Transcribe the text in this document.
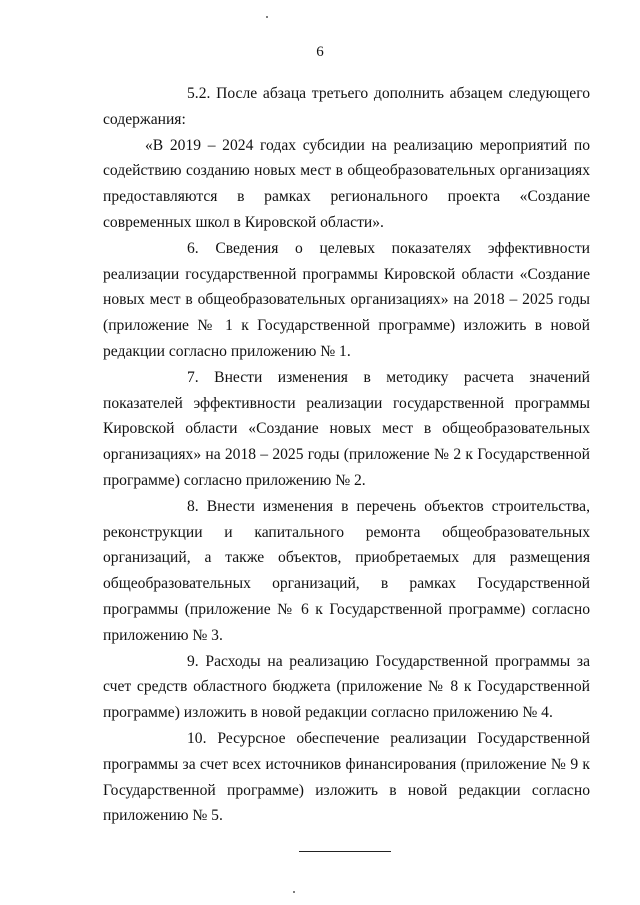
6

5.2. После абзаца третьего дополнить абзацем следующего содержания:

«В 2019 – 2024 годах субсидии на реализацию мероприятий по содействию созданию новых мест в общеобразовательных организациях предоставляются в рамках регионального проекта «Создание современных школ в Кировской области».

6. Сведения о целевых показателях эффективности реализации государственной программы Кировской области «Создание новых мест в общеобразовательных организациях» на 2018 – 2025 годы (приложение № 1 к Государственной программе) изложить в новой редакции согласно приложению № 1.

7. Внести изменения в методику расчета значений показателей эффективности реализации государственной программы Кировской области «Создание новых мест в общеобразовательных организациях» на 2018 – 2025 годы (приложение № 2 к Государственной программе) согласно приложению № 2.

8. Внести изменения в перечень объектов строительства, реконструкции и капитального ремонта общеобразовательных организаций, а также объектов, приобретаемых для размещения общеобразовательных организаций, в рамках Государственной программы (приложение № 6 к Государственной программе) согласно приложению № 3.

9. Расходы на реализацию Государственной программы за счет средств областного бюджета (приложение № 8 к Государственной программе) изложить в новой редакции согласно приложению № 4.

10. Ресурсное обеспечение реализации Государственной программы за счет всех источников финансирования (приложение № 9 к Государственной программе) изложить в новой редакции согласно приложению № 5.
